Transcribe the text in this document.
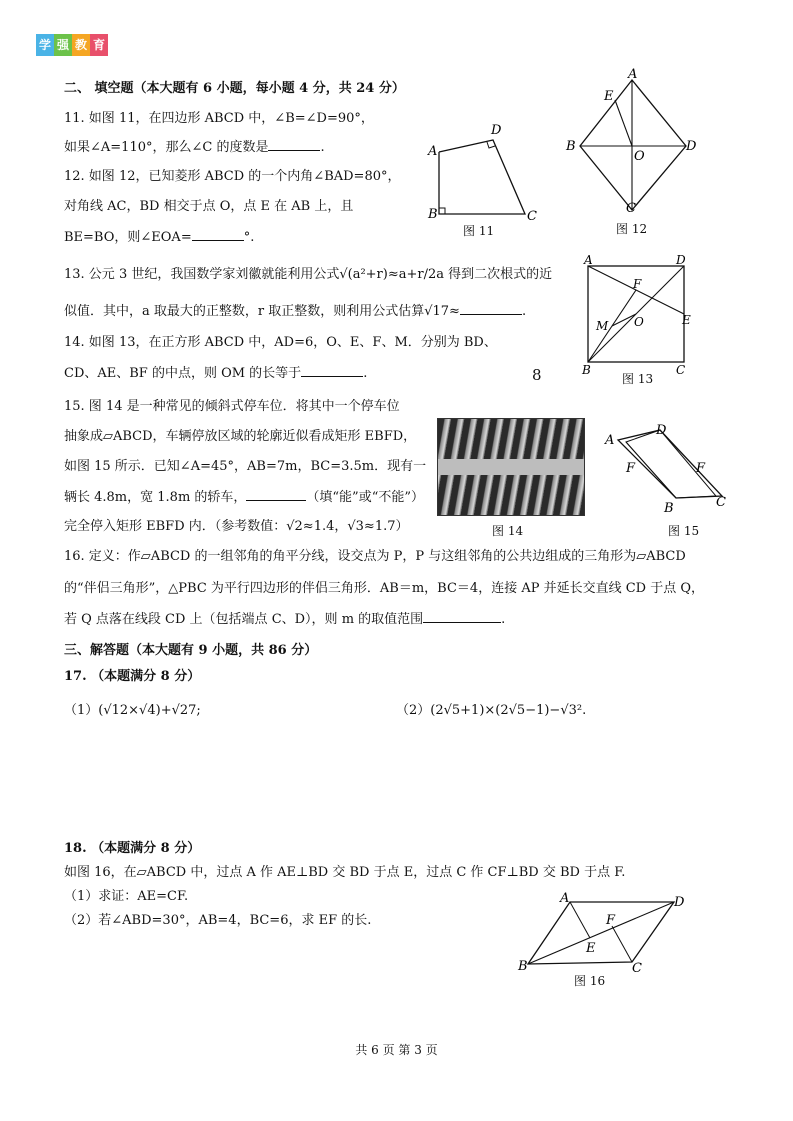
学 强 教 育
二、 填空题（本大题有 6 小题，每小题 4 分，共 24 分）
11. 如图 11，在四边形 ABCD 中，∠B=∠D=90°，
如果∠A=110°，那么∠C 的度数是	.
12. 如图 12，已知菱形 ABCD 的一个内角∠BAD=80°，
对角线 AC，BD 相交于点 O，点 E 在 AB 上，且
BE=BO，则∠EOA=	°.
13. 公元 3 世纪，我国数学家刘徽就能利用公式√(a²+r)≈a+r/2a 得到二次根式的近
似值．其中，a 取最大的正整数，r 取正整数，则利用公式估算√17≈	.
14. 如图 13，在正方形 ABCD 中，AD=6，O、E、F、M．分别为 BD、
CD、AE、BF 的中点，则 OM 的长等于	.	8
15. 图 14 是一种常见的倾斜式停车位．将其中一个停车位
抽象成▱ABCD，车辆停放区域的轮廓近似看成矩形 EBFD，
如图 15 所示．已知∠A=45°，AB=7m，BC=3.5m．现有一
辆长 4.8m，宽 1.8m 的轿车，	（填“能”或“不能”）
完全停入矩形 EBFD 内．（参考数值：√2≈1.4，√3≈1.7）
16. 定义：作▱ABCD 的一组邻角的角平分线，设交点为 P，P 与这组邻角的公共边组成的三角形为▱ABCD
的“伴侣三角形”，△PBC 为平行四边形的伴侣三角形．AB＝m，BC＝4，连接 AP 并延长交直线 CD 于点 Q，
若 Q 点落在线段 CD 上（包括端点 C、D），则 m 的取值范围	.
三、解答题（本大题有 9 小题，共 86 分）
17. （本题满分 8 分）
（1）(√12×√4)+√27;	（2）(2√5+1)×(2√5−1)−√3².
18. （本题满分 8 分）
如图 16，在▱ABCD 中，过点 A 作 AE⊥BD 交 BD 于点 E，过点 C 作 CF⊥BD 交 BD 于点 F.
（1）求证：AE=CF.
（2）若∠ABD=30°，AB=4，BC=6，求 EF 的长.
A
B	C
D
图 11
A
B
C
D
E
O
图 12
A
B	C
D
E
F
M O
图 13
图 14
A
B	C
D
F	F
图 15
A
B	C
D
E
F
图 16
共 6 页 第 3 页
